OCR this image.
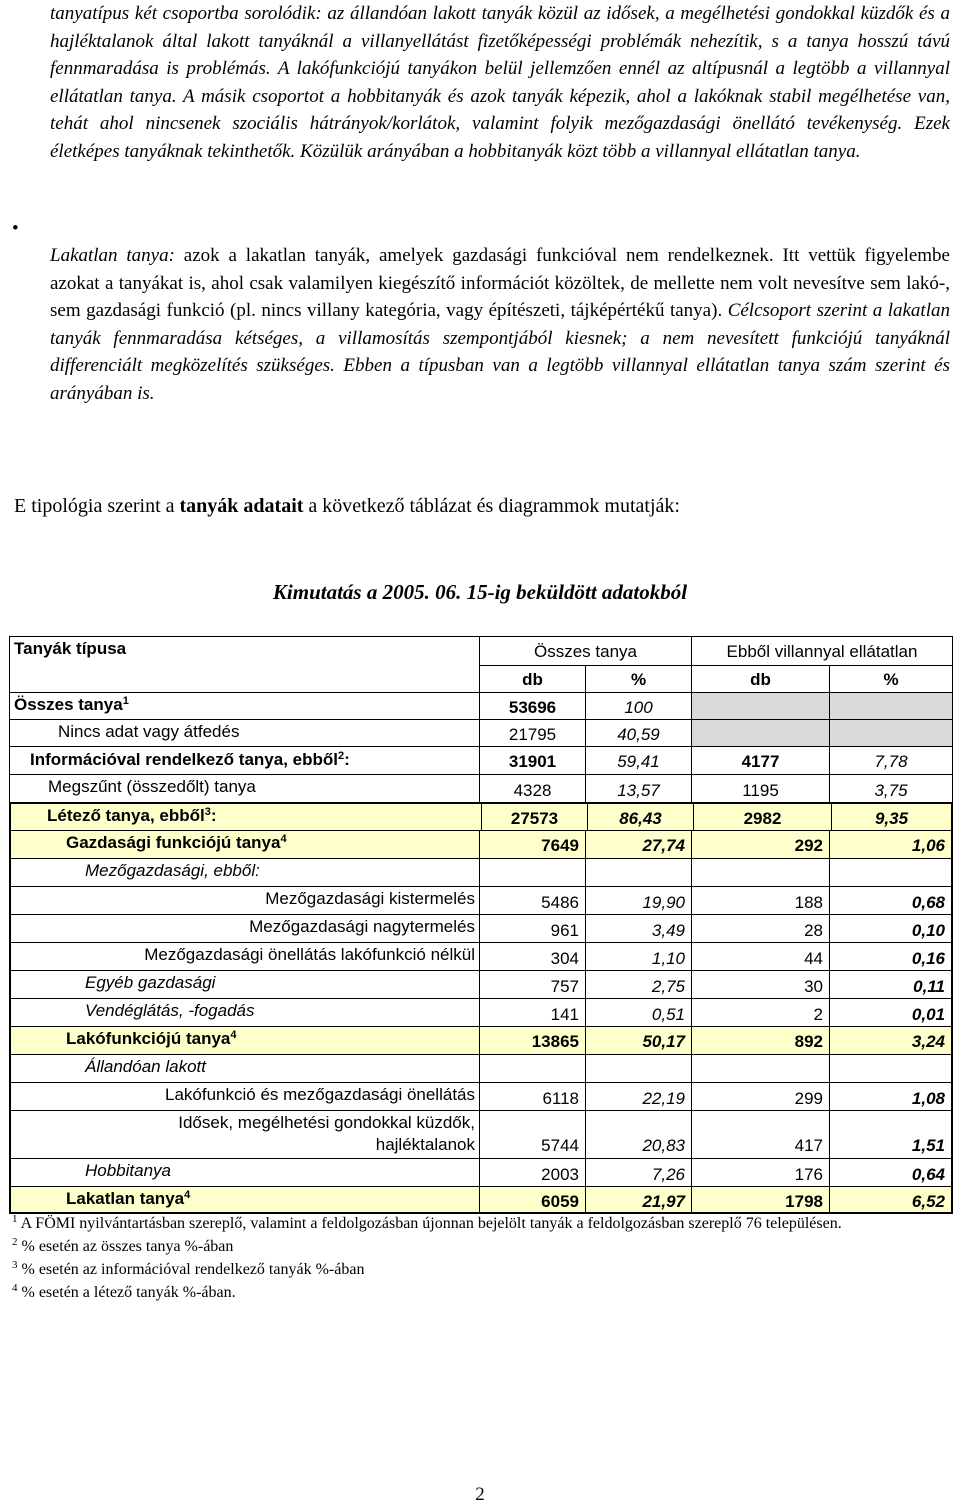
tanyatípus két csoportba sorolódik: az állandóan lakott tanyák közül az idősek, a megélhetési gondokkal küzdők és a hajléktalanok által lakott tanyáknál a villanyellátást fizetőképességi problémák nehezítik, s a tanya hosszú távú fennmaradása is problémás. A lakófunkciójú tanyákon belül jellemzően ennél az altípusnál a legtöbb a villannyal ellátatlan tanya. A másik csoportot a hobbitanyák és azok tanyák képezik, ahol a lakóknak stabil megélhetése van, tehát ahol nincsenek szociális hátrányok/korlátok, valamint folyik mezőgazdasági önellátó tevékenység. Ezek életképes tanyáknak tekinthetők. Közülük arányában a hobbitanyák közt több a villannyal ellátatlan tanya.
•
Lakatlan tanya: azok a lakatlan tanyák, amelyek gazdasági funkcióval nem rendelkeznek. Itt vettük figyelembe azokat a tanyákat is, ahol csak valamilyen kiegészítő információt közöltek, de mellette nem volt nevesítve sem lakó-, sem gazdasági funkció (pl. nincs villany kategória, vagy építészeti, tájképértékű tanya). Célcsoport szerint a lakatlan tanyák fennmaradása kétséges, a villamosítás szempontjából kiesnek; a nem nevesített funkciójú tanyáknál differenciált megközelítés szükséges. Ebben a típusban van a legtöbb villannyal ellátatlan tanya szám szerint és arányában is.
E tipológia szerint a tanyák adatait a következő táblázat és diagrammok mutatják:
Kimutatás a 2005. 06. 15-ig beküldött adatokból
Tanyák típusa	Összes tanya	Ebből villannyal ellátatlan
db	%	db	%
Összes tanya$^1$	53696	100
Nincs adat vagy átfedés	21795	40,59
Információval rendelkező tanya, ebből$^2$:	31901	59,41	4177	7,78
Megszűnt (összedőlt) tanya	4328	13,57	1195	3,75
Létező tanya, ebből$^3$:	27573	86,43	2982	9,35
Gazdasági funkciójú tanya$^4$	7649	27,74	292	1,06
Mezőgazdasági, ebből:
Mezőgazdasági kistermelés	5486	19,90	188	0,68
Mezőgazdasági nagytermelés	961	3,49	28	0,10
Mezőgazdasági önellátás lakófunkció nélkül	304	1,10	44	0,16
Egyéb gazdasági	757	2,75	30	0,11
Vendéglátás, -fogadás	141	0,51	2	0,01
Lakófunkciójú tanya$^4$	13865	50,17	892	3,24
Állandóan lakott
Lakófunkció és mezőgazdasági önellátás	6118	22,19	299	1,08
Idősek, megélhetési gondokkal küzdők,
hajléktalanok	5744	20,83	417	1,51
Hobbitanya	2003	7,26	176	0,64
Lakatlan tanya$^4$	6059	21,97	1798	6,52
$^1$ A FÖMI nyilvántartásban szereplő, valamint a feldolgozásban újonnan bejelölt tanyák a feldolgozásban szereplő 76 településen.
$^2$ % esetén az összes tanya %-ában
$^3$ % esetén az információval rendelkező tanyák %-ában
$^4$ % esetén a létező tanyák %-ában.
2
